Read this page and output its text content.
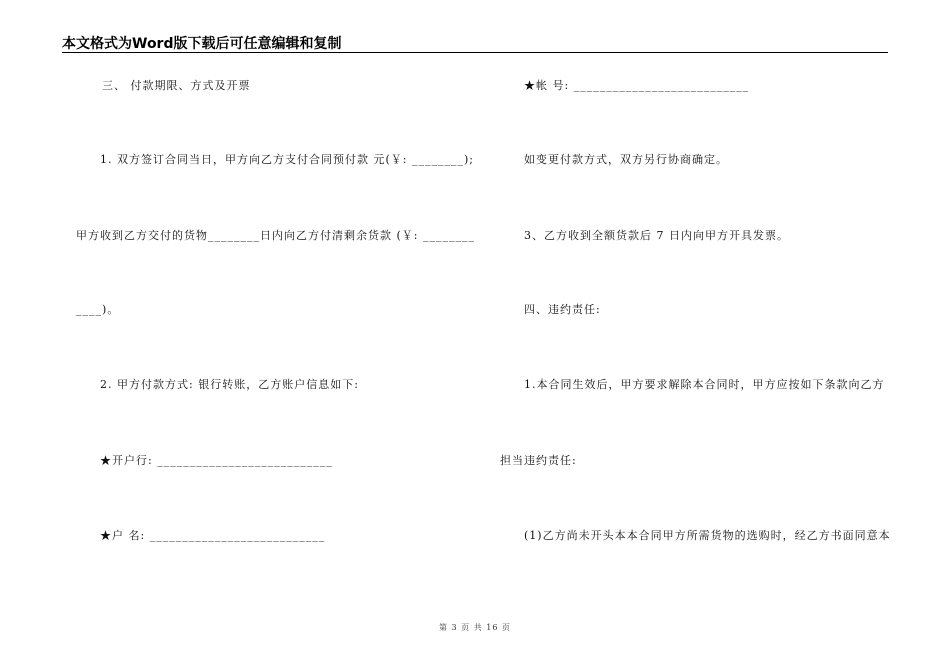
本文格式为Word版下载后可任意编辑和复制
三、 付款期限、方式及开票
1. 双方签订合同当日，甲方向乙方支付合同预付款 元(￥: ________);
甲方收到乙方交付的货物________日内向乙方付清剩余货款 (￥: ________
____)。
2. 甲方付款方式: 银行转账，乙方账户信息如下:
★开户行: ___________________________
★户 名: ___________________________
★帐 号: ___________________________
如变更付款方式，双方另行协商确定。
3、乙方收到全额货款后 7 日内向甲方开具发票。
四、违约责任:
1.本合同生效后，甲方要求解除本合同时，甲方应按如下条款向乙方
担当违约责任:
(1)乙方尚未开头本本合同甲方所需货物的选购时，经乙方书面同意本
第 3 页 共 16 页
